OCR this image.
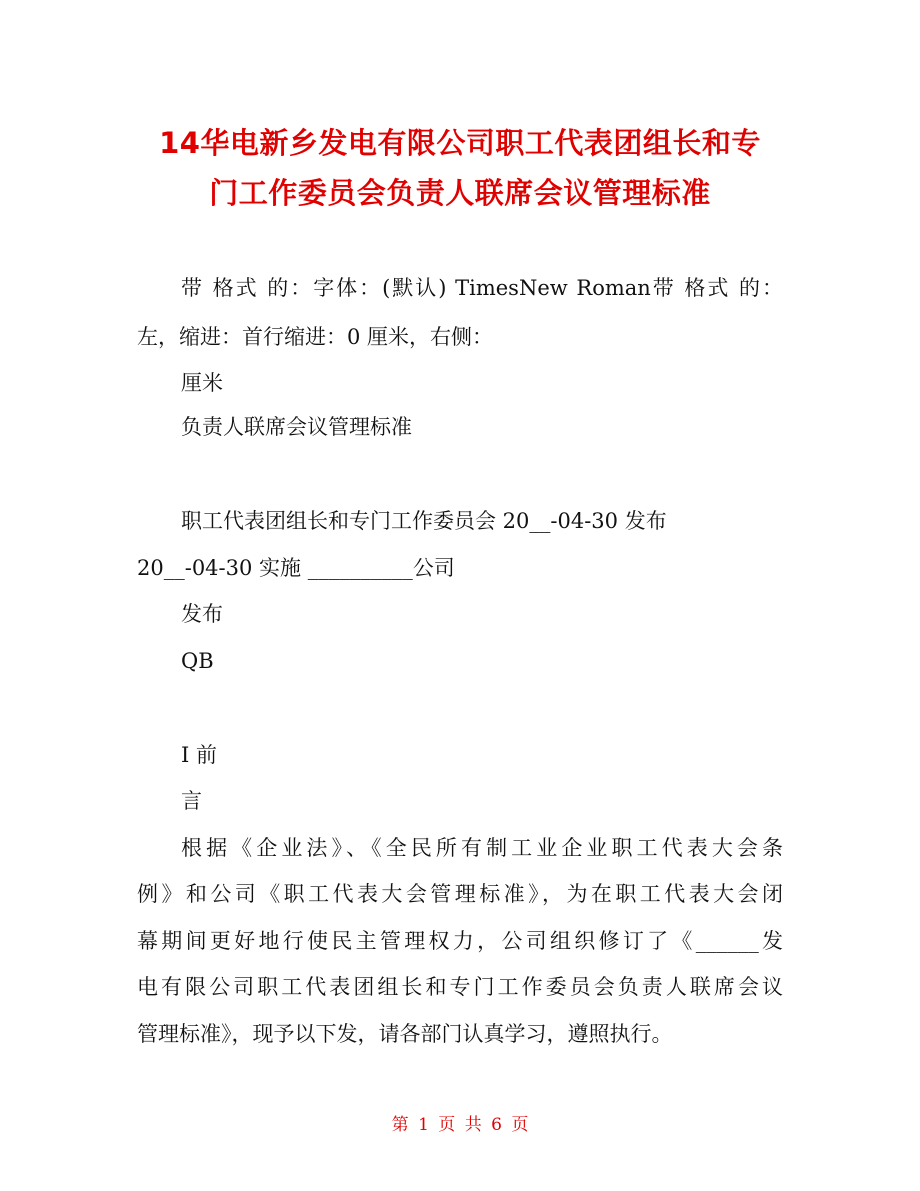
14华电新乡发电有限公司职工代表团组长和专
门工作委员会负责人联席会议管理标准
带 格式 的：字体：(默认) TimesNew Roman带 格式 的：
左，缩进：首行缩进：0 厘米，右侧：
厘米
负责人联席会议管理标准
职工代表团组长和专门工作委员会 20__-04-30 发布
20__-04-30 实施 __________公司
发布
QB
I 前
言
根据《企业法》、《全民所有制工业企业职工代表大会条
例》和公司《职工代表大会管理标准》，为在职工代表大会闭
幕期间更好地行使民主管理权力，公司组织修订了《______发
电有限公司职工代表团组长和专门工作委员会负责人联席会议
管理标准》，现予以下发，请各部门认真学习，遵照执行。
第 1 页 共 6 页
